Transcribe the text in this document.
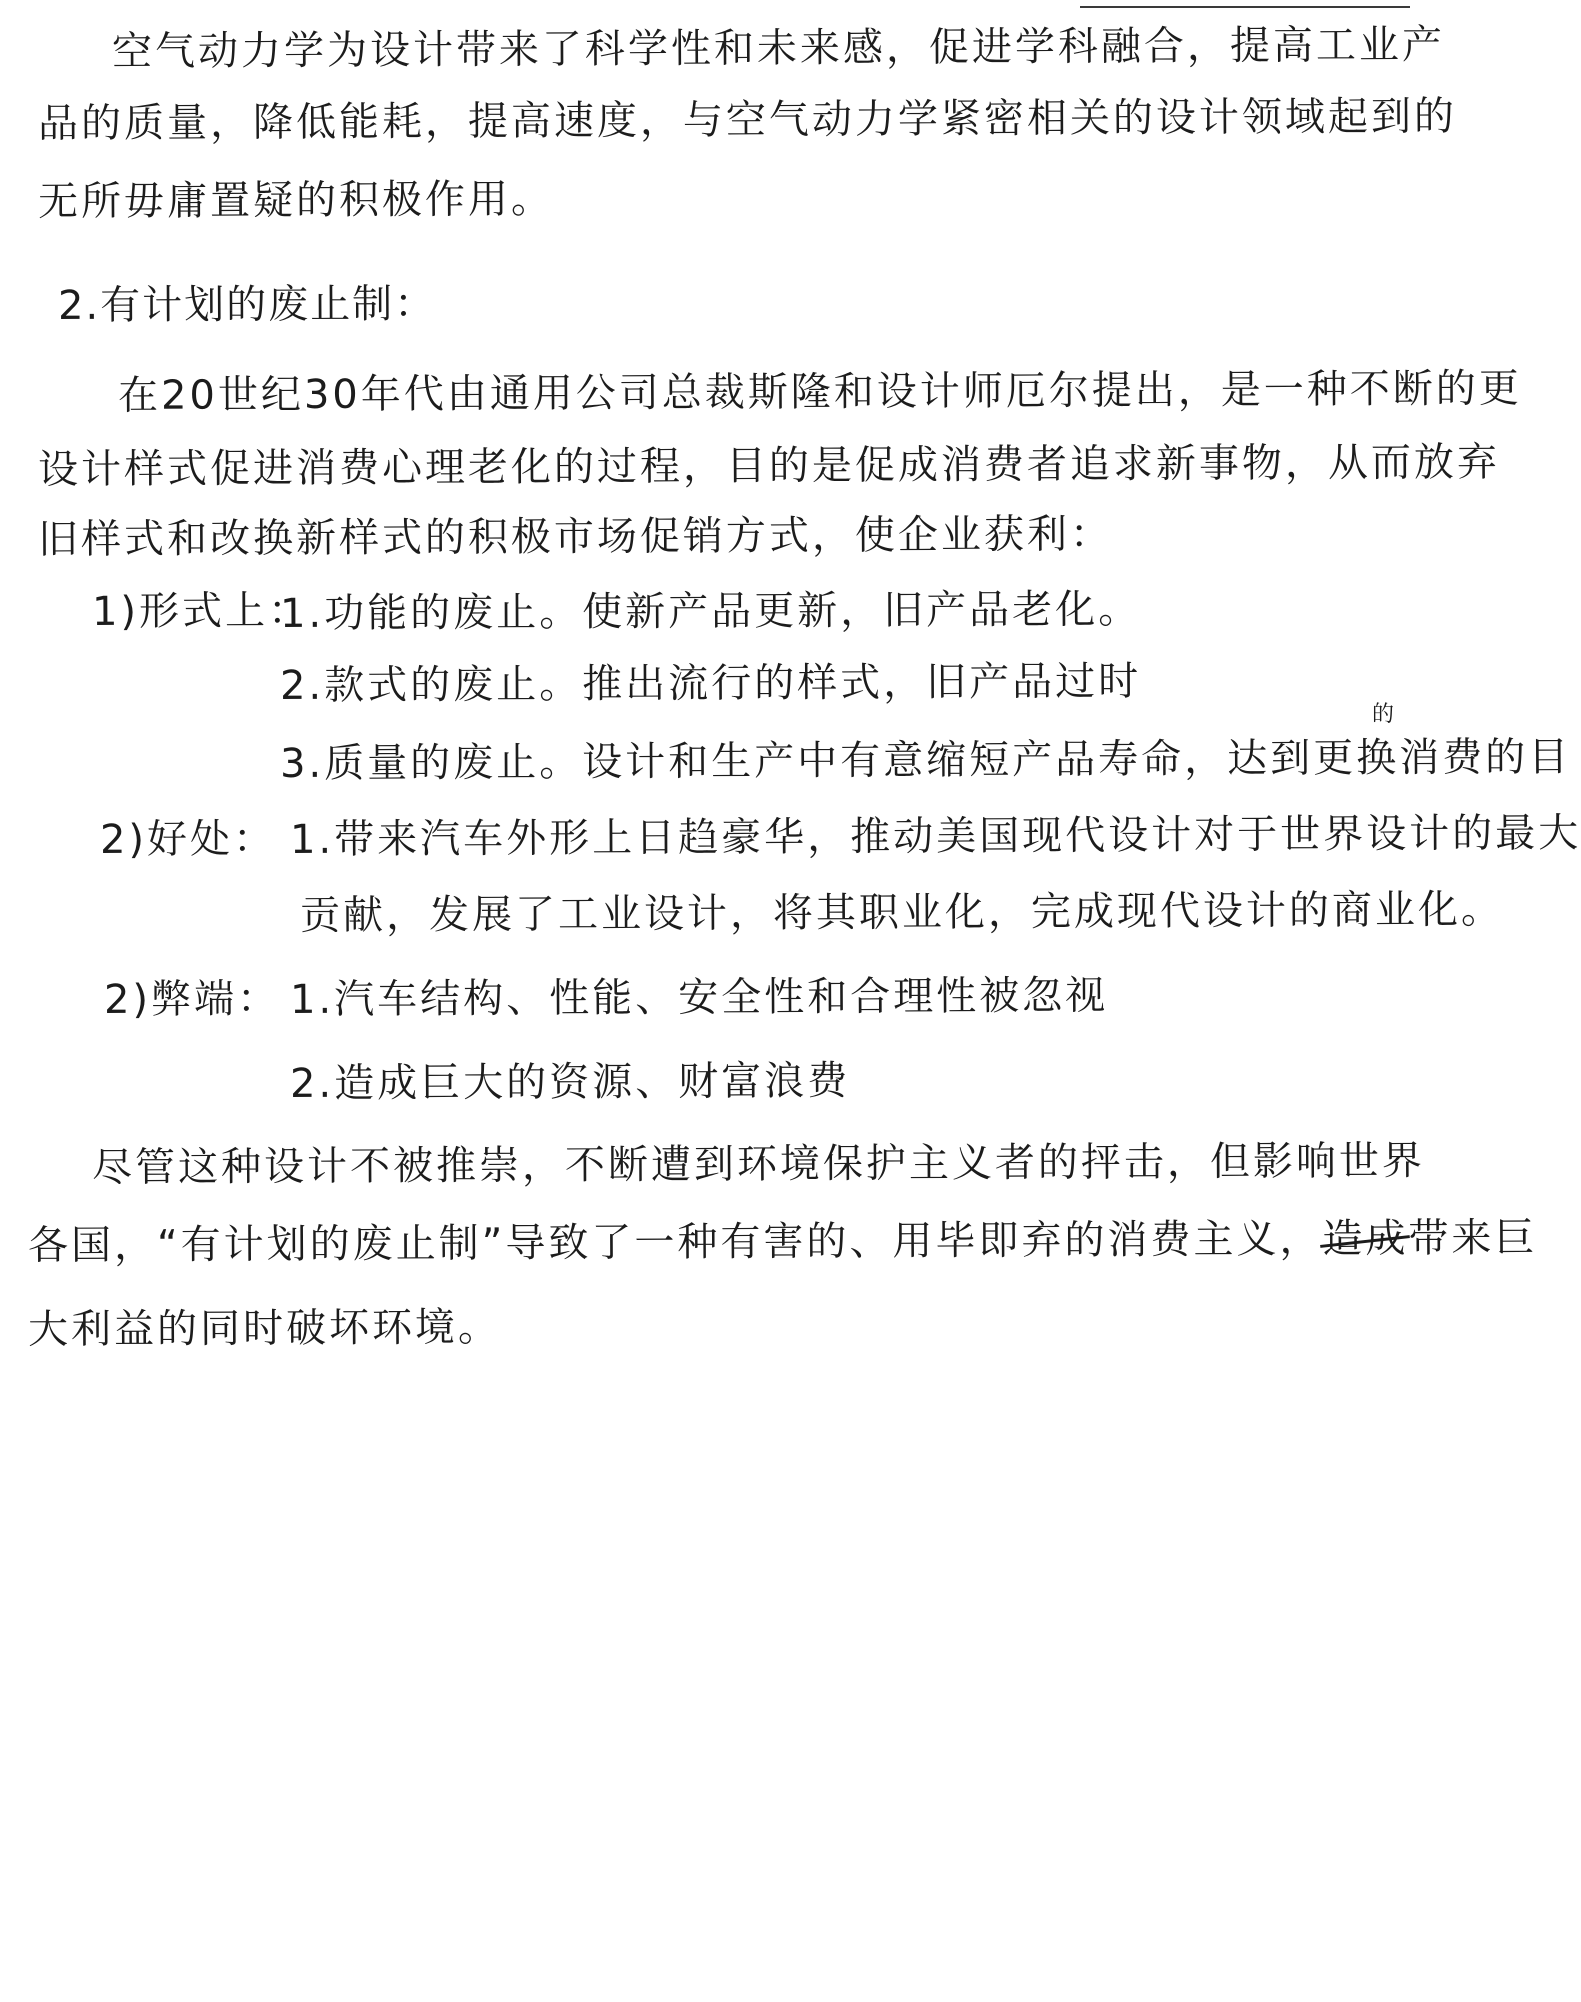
空气动力学为设计带来了科学性和未来感，促进学科融合，提高工业产
品的质量，降低能耗，提高速度，与空气动力学紧密相关的设计领域起到的
无所毋庸置疑的积极作用。
2.有计划的废止制：
在20世纪30年代由通用公司总裁斯隆和设计师厄尔提出，是一种不断的更
设计样式促进消费心理老化的过程，目的是促成消费者追求新事物，从而放弃
旧样式和改换新样式的积极市场促销方式，使企业获利：
1)形式上：
1.功能的废止。使新产品更新，旧产品老化。
2.款式的废止。推出流行的样式，旧产品过时
的
3.质量的废止。设计和生产中有意缩短产品寿命，达到更换消费的目
2)好处： 1.带来汽车外形上日趋豪华，推动美国现代设计对于世界设计的最大
贡献，发展了工业设计，将其职业化，完成现代设计的商业化。
2)弊端： 1.汽车结构、性能、安全性和合理性被忽视
2.造成巨大的资源、财富浪费
尽管这种设计不被推崇，不断遭到环境保护主义者的抨击，但影响世界
各国，“有计划的废止制”导致了一种有害的、用毕即弃的消费主义，造成带来巨
大利益的同时破坏环境。
